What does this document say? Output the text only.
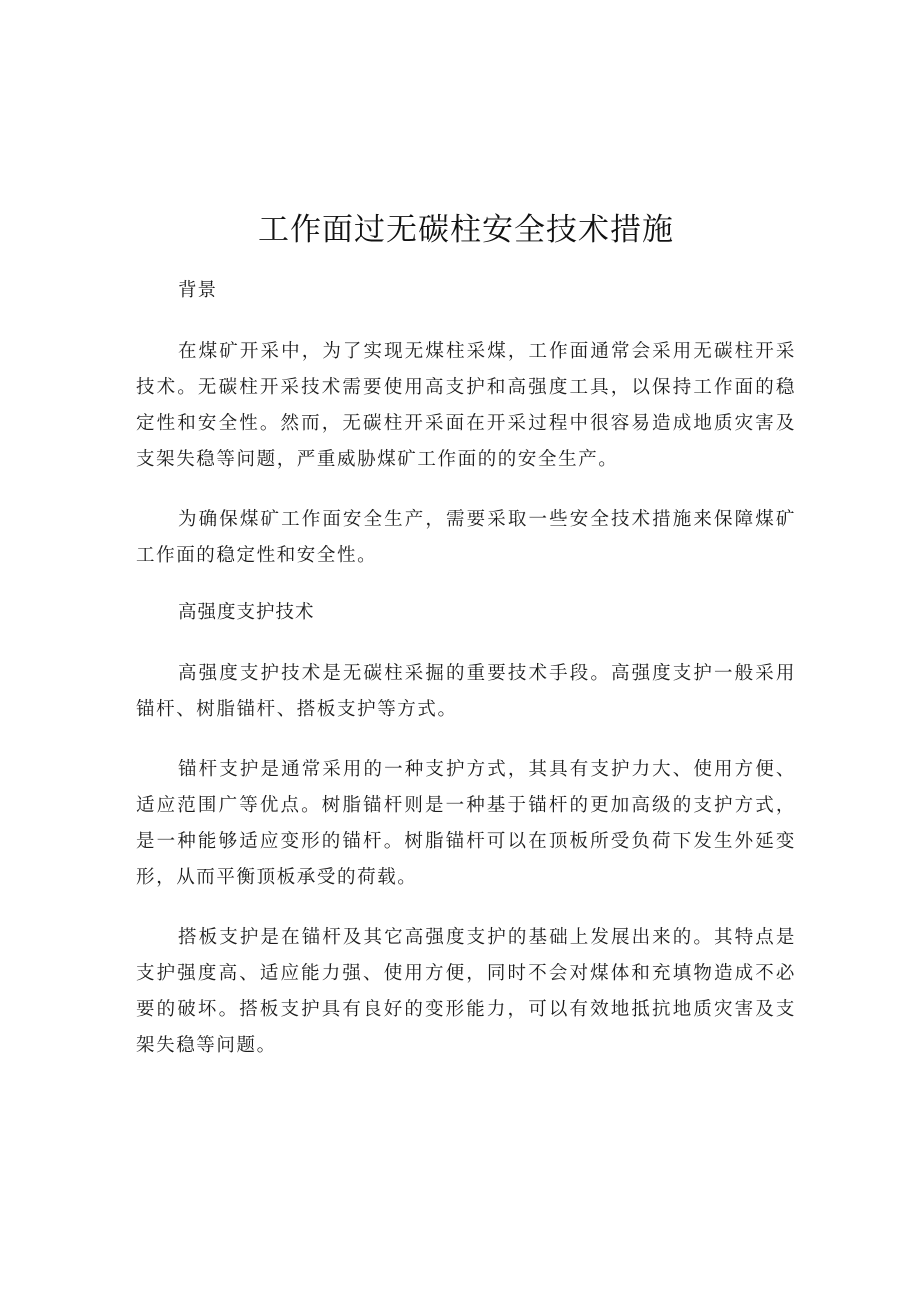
工作面过无碳柱安全技术措施

背景

在煤矿开采中，为了实现无煤柱采煤，工作面通常会采用无碳柱开采技术。无碳柱开采技术需要使用高支护和高强度工具，以保持工作面的稳定性和安全性。然而，无碳柱开采面在开采过程中很容易造成地质灾害及支架失稳等问题，严重威胁煤矿工作面的的安全生产。

为确保煤矿工作面安全生产，需要采取一些安全技术措施来保障煤矿工作面的稳定性和安全性。

高强度支护技术

高强度支护技术是无碳柱采掘的重要技术手段。高强度支护一般采用锚杆、树脂锚杆、搭板支护等方式。

锚杆支护是通常采用的一种支护方式，其具有支护力大、使用方便、适应范围广等优点。树脂锚杆则是一种基于锚杆的更加高级的支护方式，是一种能够适应变形的锚杆。树脂锚杆可以在顶板所受负荷下发生外延变形，从而平衡顶板承受的荷载。

搭板支护是在锚杆及其它高强度支护的基础上发展出来的。其特点是支护强度高、适应能力强、使用方便，同时不会对煤体和充填物造成不必要的破坏。搭板支护具有良好的变形能力，可以有效地抵抗地质灾害及支架失稳等问题。
